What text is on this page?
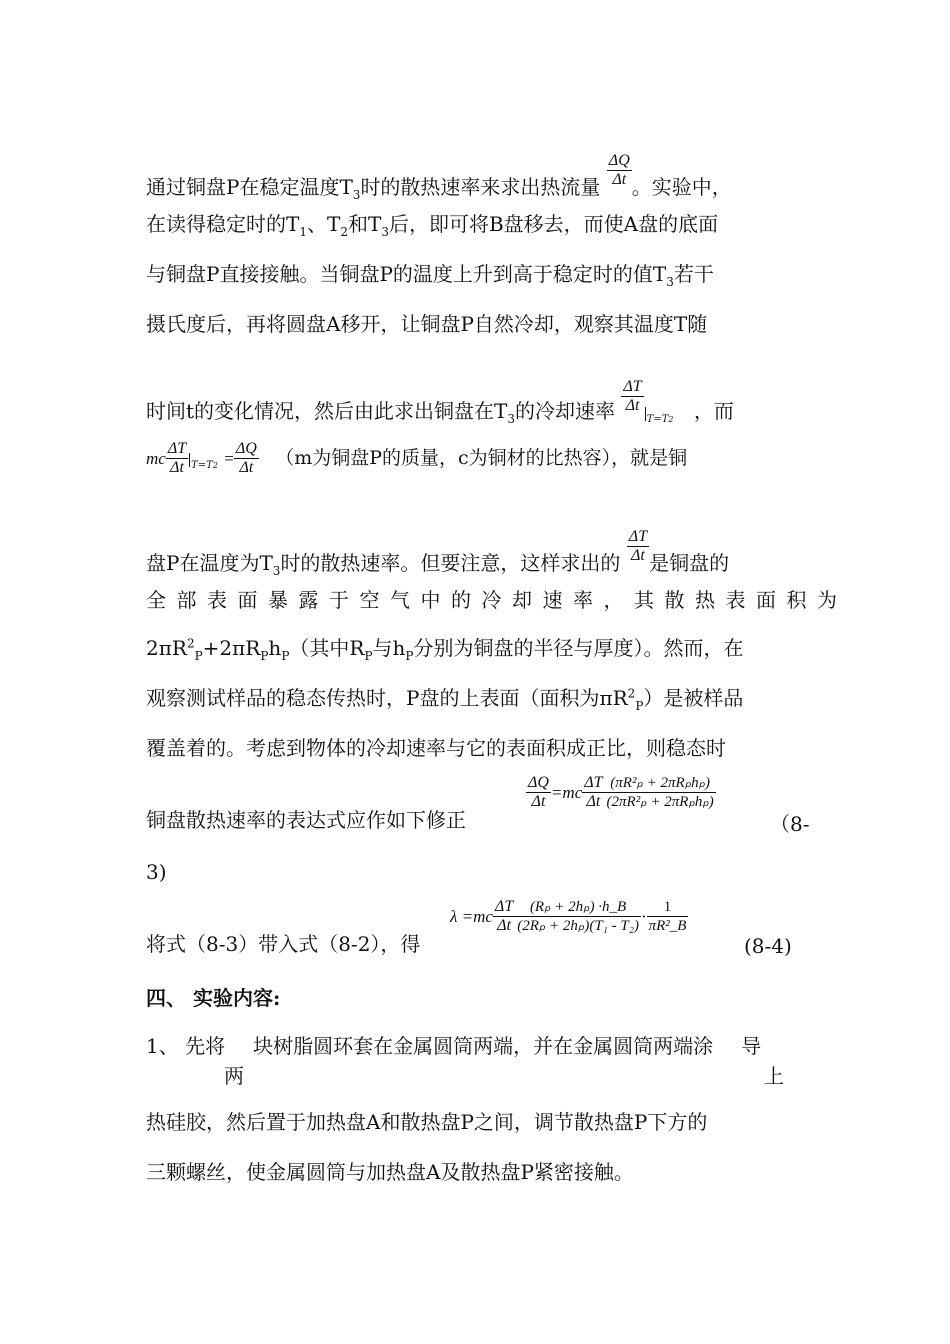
通过铜盘P在稳定温度$T_3$时的散热速率来求出热流量 $\frac{\Delta Q}{\Delta t}$ 。实验中，
在读得稳定时的$T_1$、$T_2$和$T_3$后，即可将B盘移去，而使A盘的底面
与铜盘P直接接触。当铜盘P的温度上升到高于稳定时的值$T_3$若干
摄氏度后，再将圆盘A移开，让铜盘P自然冷却，观察其温度T随
时间t的变化情况，然后由此求出铜盘在$T_3$的冷却速率 $\frac{\Delta T}{\Delta t}$
$_{T=T2}$ ，而
mc $\frac{\Delta T}{\Delta t} _{T=T2} = \frac{\Delta Q}{\Delta t} (m$为铜盘P的质量，c为铜材的比热容），就是铜
盘P在温度为$T_3$时的散热速率。但要注意，这样求出的 $\frac{\Delta T}{\Delta t}$ 是铜盘的
全部表面暴露于空气中的冷却速率，其散热表面积为
$2\pi R^2_P+2\pi R_Ph_P$（其中$R_P$与$h_P$分别为铜盘的半径与厚度）。然而，在
观察测试样品的稳态传热时，P盘的上表面（面积为$\pi R^2_P$）是被样品
覆盖着的。考虑到物体的冷却速率与它的表面积成正比，则稳态时
铜盘散热速率的表达式应作如下修正
$\frac{\Delta Q}{\Delta t} =mc \frac{\Delta T}{\Delta t} \frac{\text{(πR²ₚ + 2πRₚhₚ)}}{\text{(2πR²ₚ + 2πRₚhₚ)}}$
（8-
3)
将式（8-3）带入式（8-2），得
$\lambda =mc \frac{\Delta T}{\Delta t} \frac{\text{(Rₚ + 2hₚ) ·h\_B}}{\text{(2Rₚ + 2hₚ)(T₁ - T₂)}} \cdot \frac{1}{\text{πR²\_B}}$
(8-4)
四、 实验内容:
1、 先将 块树脂圆环套在金属圆筒两端，并在金属圆筒两端涂 导
两	上
热硅胶，然后置于加热盘A和散热盘P之间，调节散热盘P下方的
三颗螺丝，使金属圆筒与加热盘A及散热盘P紧密接触。
